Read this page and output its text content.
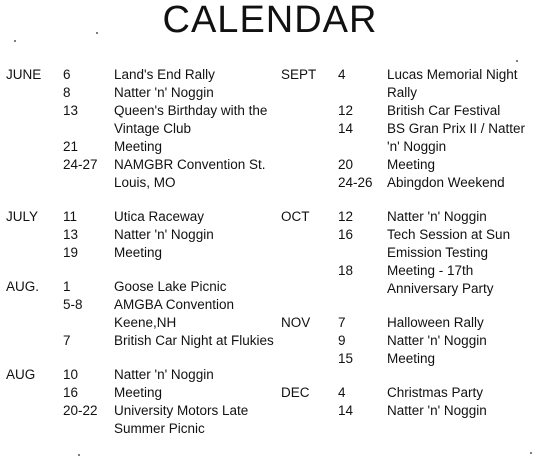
CALENDAR
JUNE 6	Land's End Rally
8	Natter 'n' Noggin
13	Queen's Birthday with the Vintage Club
21	Meeting
24-27	NAMGBR Convention St. Louis, MO
JULY 11	Utica Raceway
13	Natter 'n' Noggin
19	Meeting
AUG. 1	Goose Lake Picnic
5-8	AMGBA Convention Keene,NH
7	British Car Night at Flukies
AUG 10	Natter 'n' Noggin
16	Meeting
20-22	University Motors Late Summer Picnic
SEPT 4	Lucas Memorial Night Rally
12	British Car Festival
14	BS Gran Prix II / Natter 'n' Noggin
20	Meeting
24-26	Abingdon Weekend
OCT 12	Natter 'n' Noggin
16	Tech Session at Sun Emission Testing
18	Meeting - 17th Anniversary Party
NOV 7	Halloween Rally
9	Natter 'n' Noggin
15	Meeting
DEC 4	Christmas Party
14	Natter 'n' Noggin
